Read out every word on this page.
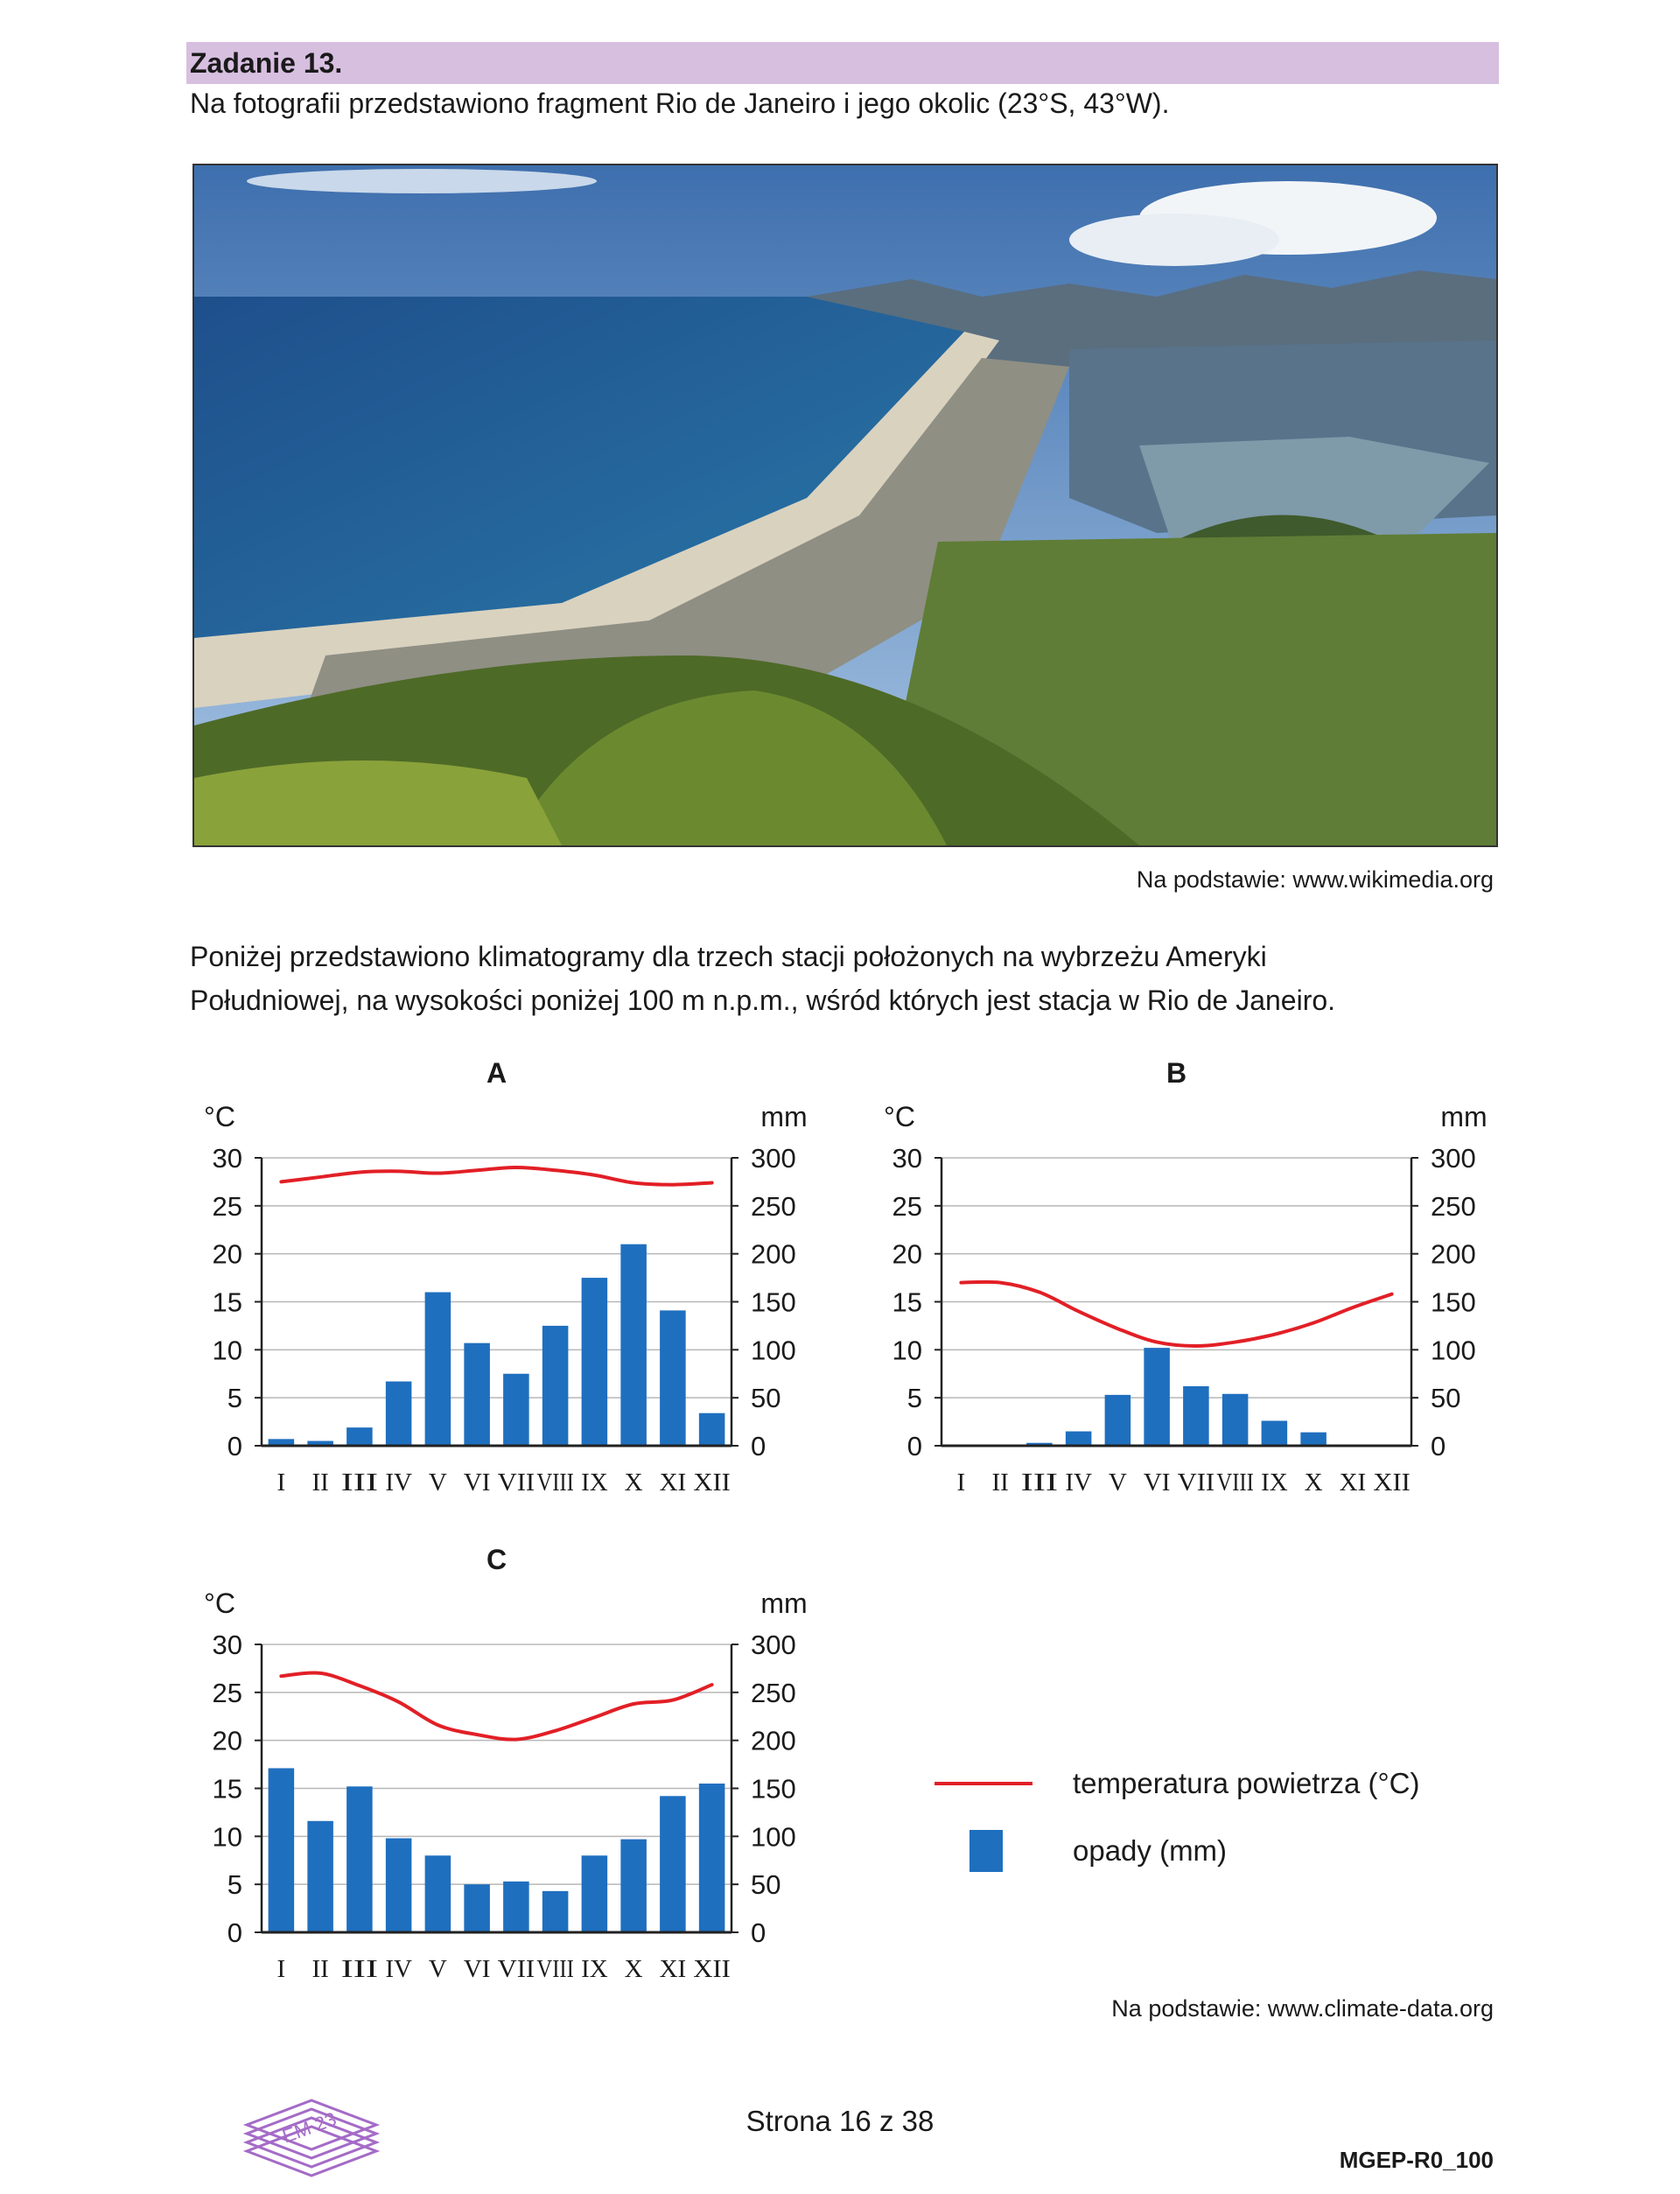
Zadanie 13.
Na fotografii przedstawiono fragment Rio de Janeiro i jego okolic (23°S, 43°W).
Na podstawie: www.wikimedia.org
Poniżej przedstawiono klimatogramy dla trzech stacji położonych na wybrzeżu Ameryki
Południowej, na wysokości poniżej 100 m n.p.m., wśród których jest stacja w Rio de Janeiro.
A
°C	mm
0
5
10
15
20
25
30
0
50
100
150
200
250
300
I II III IV V VI VII VIII IX X XI XII
B
°C	mm
0
5
10
15
20
25
30
0
50
100
150
200
250
300
I II III IV V VI VII VIII IX X XI XII
C
°C	mm
0
5
10
15
20
25
30
0
50
100
150
200
250
300
I II III IV V VI VII VIII IX X XI XII
temperatura powietrza (°C)
opady (mm)
Na podstawie: www.climate-data.org
EM 23	Strona 16 z 38
MGEP-R0_100
